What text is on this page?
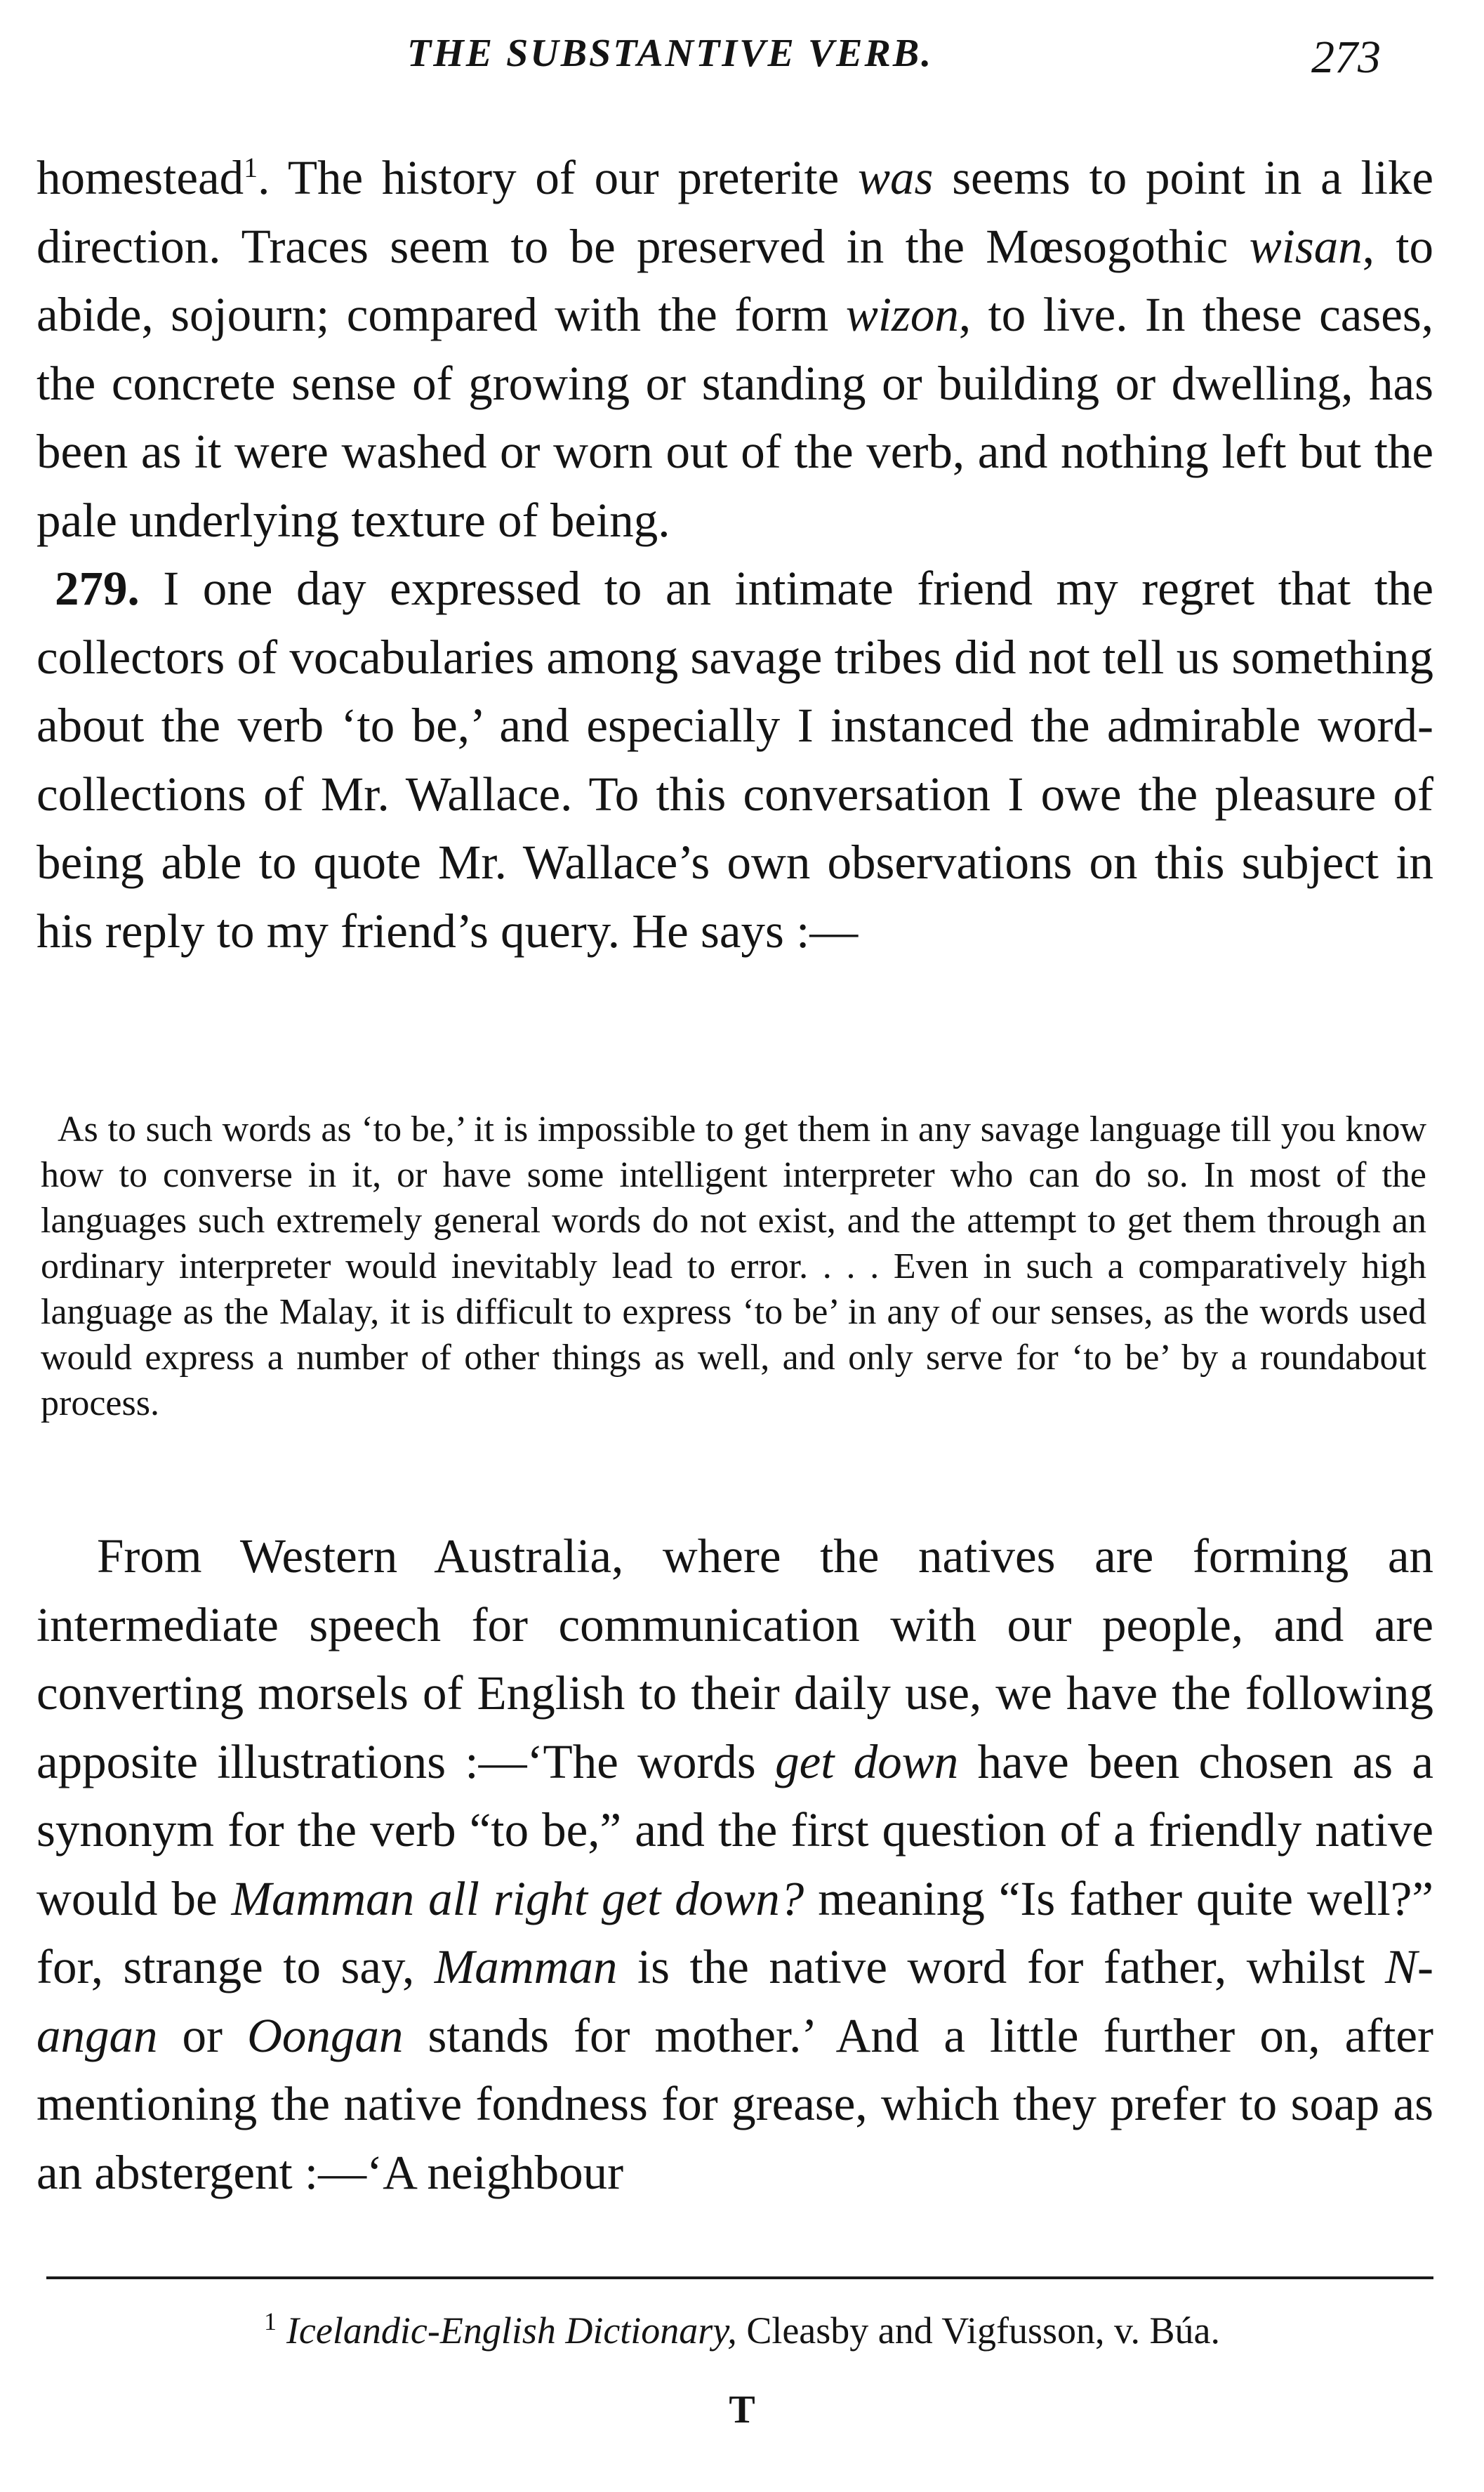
THE SUBSTANTIVE VERB.	273

homestead$^1$. The history of our preterite was seems to point in a like direction. Traces seem to be preserved in the Mœsogothic wisan, to abide, sojourn; compared with the form wizon, to live. In these cases, the concrete sense of growing or standing or building or dwelling, has been as it were washed or worn out of the verb, and nothing left but the pale underlying texture of being.

279. I one day expressed to an intimate friend my regret that the collectors of vocabularies among savage tribes did not tell us something about the verb ‘to be,’ and especially I instanced the admirable word-collections of Mr. Wallace. To this conversation I owe the pleasure of being able to quote Mr. Wallace’s own observations on this subject in his reply to my friend’s query. He says :—

As to such words as ‘to be,’ it is impossible to get them in any savage language till you know how to converse in it, or have some intelligent interpreter who can do so. In most of the languages such extremely general words do not exist, and the attempt to get them through an ordinary interpreter would inevitably lead to error. . . . Even in such a comparatively high language as the Malay, it is difficult to express ‘to be’ in any of our senses, as the words used would express a number of other things as well, and only serve for ‘to be’ by a roundabout process.

From Western Australia, where the natives are forming an intermediate speech for communication with our people, and are converting morsels of English to their daily use, we have the following apposite illustrations :—‘The words get down have been chosen as a synonym for the verb “to be,” and the first question of a friendly native would be Mamman all right get down? meaning “Is father quite well?” for, strange to say, Mamman is the native word for father, whilst N-angan or Oongan stands for mother.’ And a little further on, after mentioning the native fondness for grease, which they prefer to soap as an abstergent :—‘A neighbour

$^1$ Icelandic-English Dictionary, Cleasby and Vigfusson, v. Búa.
T
